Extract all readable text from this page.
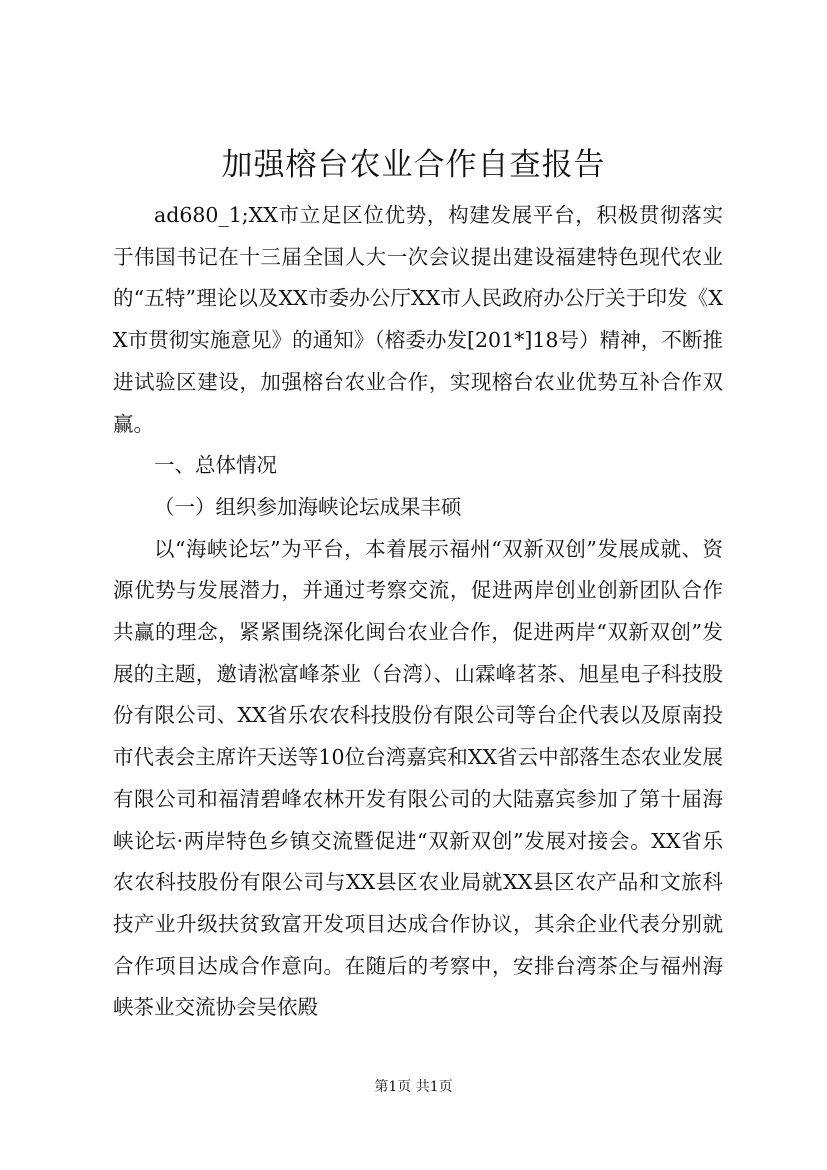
加强榕台农业合作自查报告

ad680_1;XX市立足区位优势，构建发展平台，积极贯彻落实于伟国书记在十三届全国人大一次会议提出建设福建特色现代农业的“五特”理论以及XX市委办公厅XX市人民政府办公厅关于印发《XX市贯彻实施意见》的通知》（榕委办发[201*]18号）精神，不断推进试验区建设，加强榕台农业合作，实现榕台农业优势互补合作双赢。

一、总体情况

（一）组织参加海峡论坛成果丰硕

以“海峡论坛”为平台，本着展示福州“双新双创”发展成就、资源优势与发展潜力，并通过考察交流，促进两岸创业创新团队合作共赢的理念，紧紧围绕深化闽台农业合作，促进两岸“双新双创”发展的主题，邀请淞富峰茶业（台湾）、山霖峰茗茶、旭星电子科技股份有限公司、XX省乐农农科技股份有限公司等台企代表以及原南投市代表会主席许天送等10位台湾嘉宾和XX省云中部落生态农业发展有限公司和福清碧峰农林开发有限公司的大陆嘉宾参加了第十届海峡论坛·两岸特色乡镇交流暨促进“双新双创”发展对接会。XX省乐农农科技股份有限公司与XX县区农业局就XX县区农产品和文旅科技产业升级扶贫致富开发项目达成合作协议，其余企业代表分别就合作项目达成合作意向。在随后的考察中，安排台湾茶企与福州海峡茶业交流协会吴依殿

第1页 共1页
